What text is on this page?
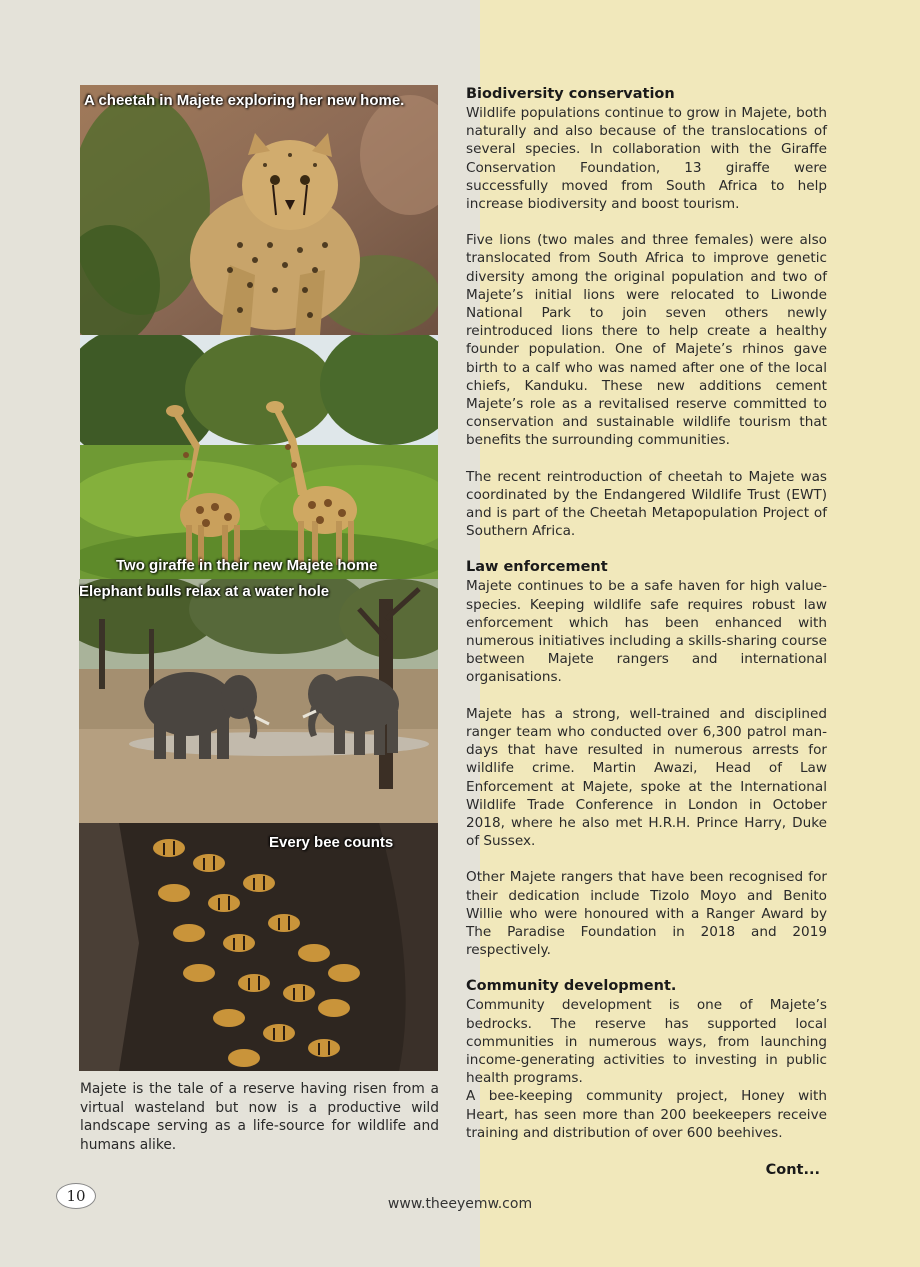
A cheetah in Majete exploring her new home.
Two giraffe in their new Majete home
Elephant bulls relax at a water hole
Every bee counts
Majete is the tale of a reserve having risen from a virtual wasteland but now is a productive wild landscape serving as a life-source for wildlife and humans alike.
Biodiversity conservation

Wildlife populations continue to grow in Majete, both naturally and also because of the translocations of several species. In collaboration with the Giraffe Conservation Foundation, 13 giraffe were successfully moved from South Africa to help increase biodiversity and boost tourism.

Five lions (two males and three females) were also translocated from South Africa to improve genetic diversity among the original population and two of Majete’s initial lions were relocated to Liwonde National Park to join seven others newly reintroduced lions there to help create a healthy founder population. One of Majete’s rhinos gave birth to a calf who was named after one of the local chiefs, Kanduku. These new additions cement Majete’s role as a revitalised reserve committed to conservation and sustainable wildlife tourism that benefits the surrounding communities.

The recent reintroduction of cheetah to Majete was coordinated by the Endangered Wildlife Trust (EWT) and is part of the Cheetah Metapopulation Project of Southern Africa.

Law enforcement

Majete continues to be a safe haven for high value-species. Keeping wildlife safe requires robust law enforcement which has been enhanced with numerous initiatives including a skills-sharing course between Majete rangers and international organisations.

Majete has a strong, well-trained and disciplined ranger team who conducted over 6,300 patrol man-days that have resulted in numerous arrests for wildlife crime. Martin Awazi, Head of Law Enforcement at Majete, spoke at the International Wildlife Trade Conference in London in October 2018, where he also met H.R.H. Prince Harry, Duke of Sussex.

Other Majete rangers that have been recognised for their dedication include Tizolo Moyo and Benito Willie who were honoured with a Ranger Award by The Paradise Foundation in 2018 and 2019 respectively.

Community development.

Community development is one of Majete’s bedrocks. The reserve has supported local communities in numerous ways, from launching income-generating activities to investing in public health programs.

A bee-keeping community project, Honey with Heart, has seen more than 200 beekeepers receive training and distribution of over 600 beehives.

Cont...
10	www.theeyemw.com
